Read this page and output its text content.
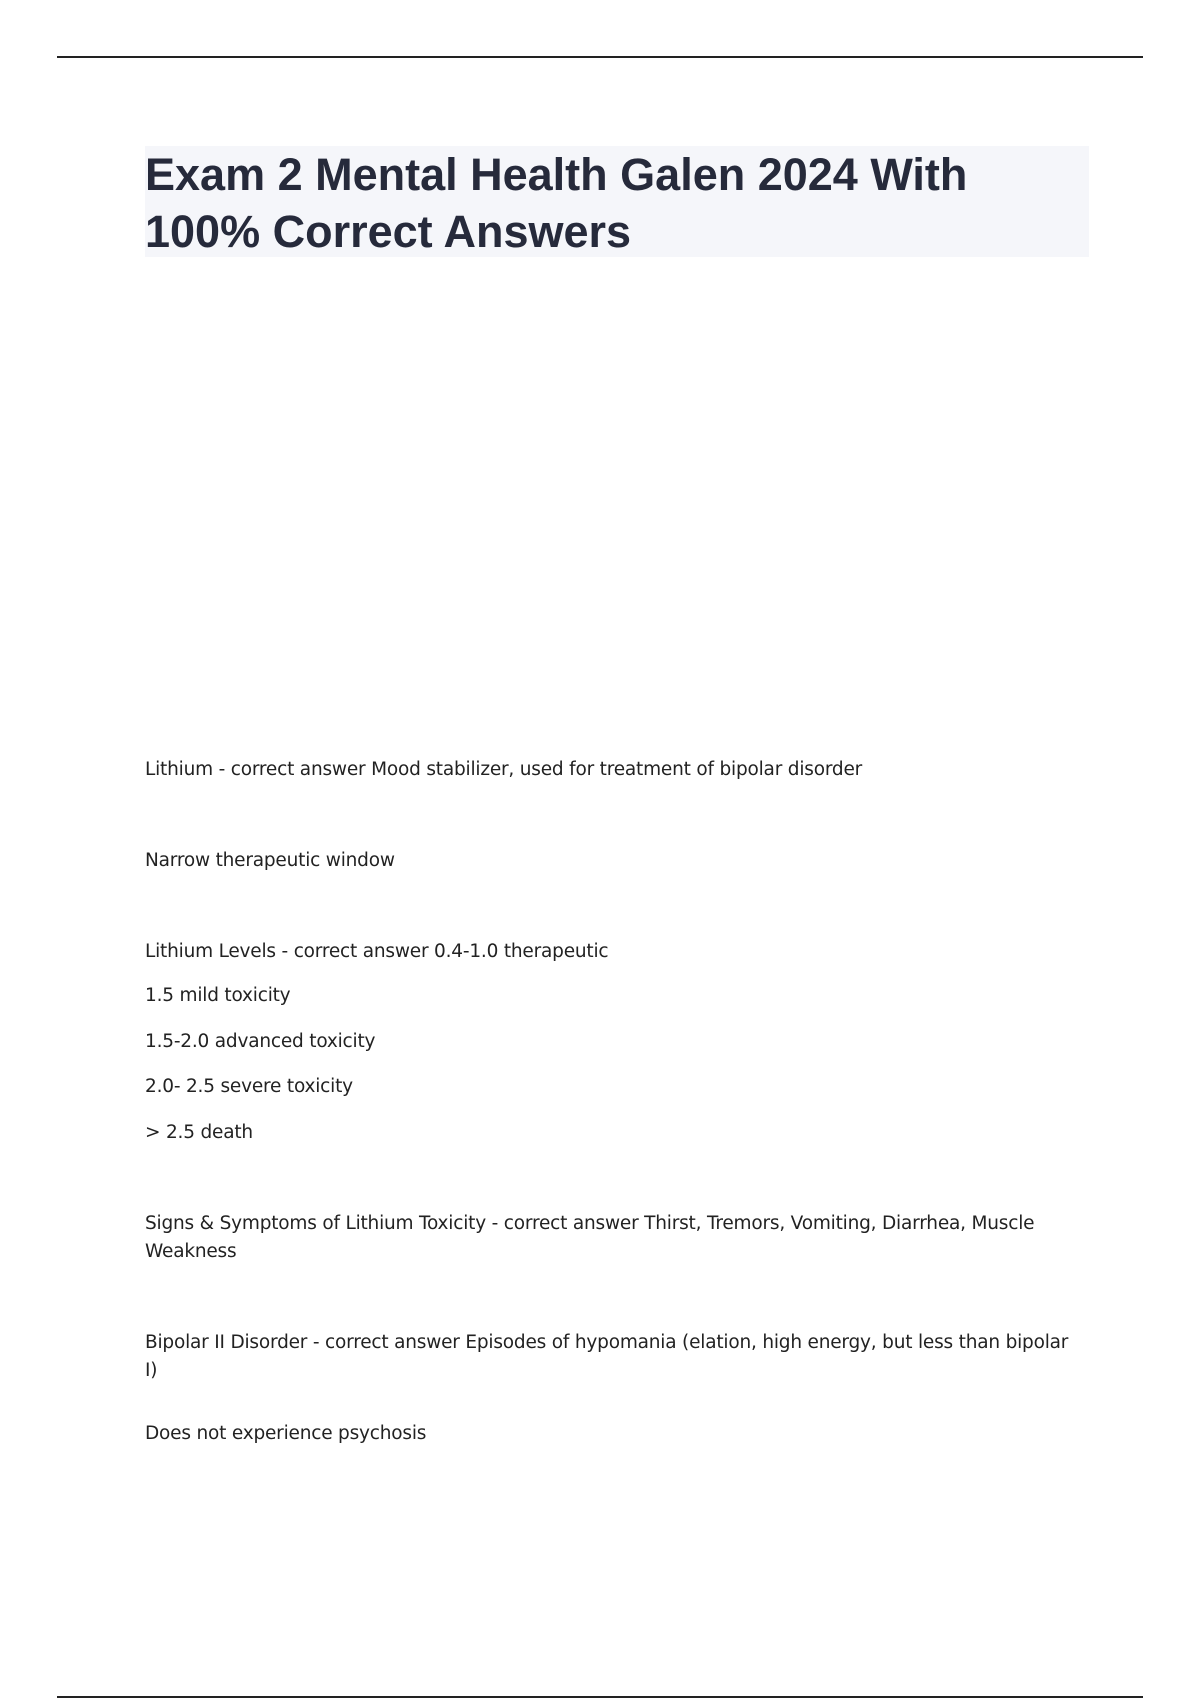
Exam 2 Mental Health Galen 2024 With 100% Correct Answers
Lithium - correct answer Mood stabilizer, used for treatment of bipolar disorder
Narrow therapeutic window
Lithium Levels - correct answer 0.4-1.0 therapeutic
1.5 mild toxicity
1.5-2.0 advanced toxicity
2.0- 2.5 severe toxicity
> 2.5 death
Signs & Symptoms of Lithium Toxicity - correct answer Thirst, Tremors, Vomiting, Diarrhea, Muscle Weakness
Bipolar II Disorder - correct answer Episodes of hypomania (elation, high energy, but less than bipolar I)
Does not experience psychosis
